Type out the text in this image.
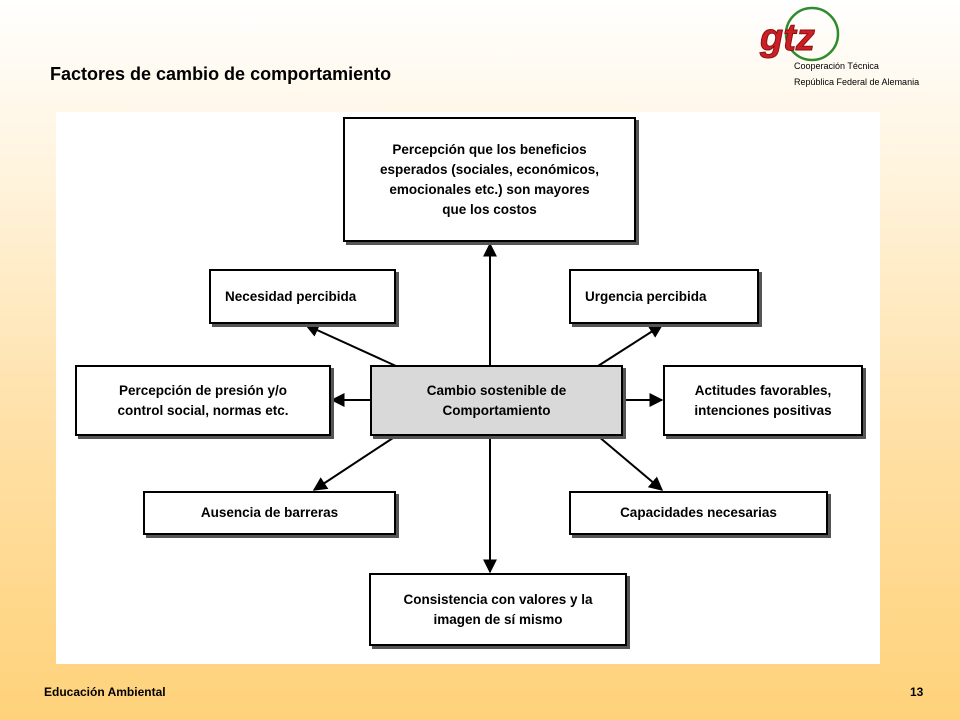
Factores de cambio de comportamiento
gtz
Cooperación Técnica
República Federal de Alemania
Percepción que los beneficios
esperados (sociales, económicos,
emocionales etc.) son mayores
que los costos
Necesidad percibida	Urgencia percibida
Percepción de presión y/o
control social, normas etc.
Cambio sostenible de
Comportamiento
Actitudes favorables,
intenciones positivas
Ausencia de barreras	Capacidades necesarias
Consistencia con valores y la
imagen de sí mismo
Educación Ambiental	13
